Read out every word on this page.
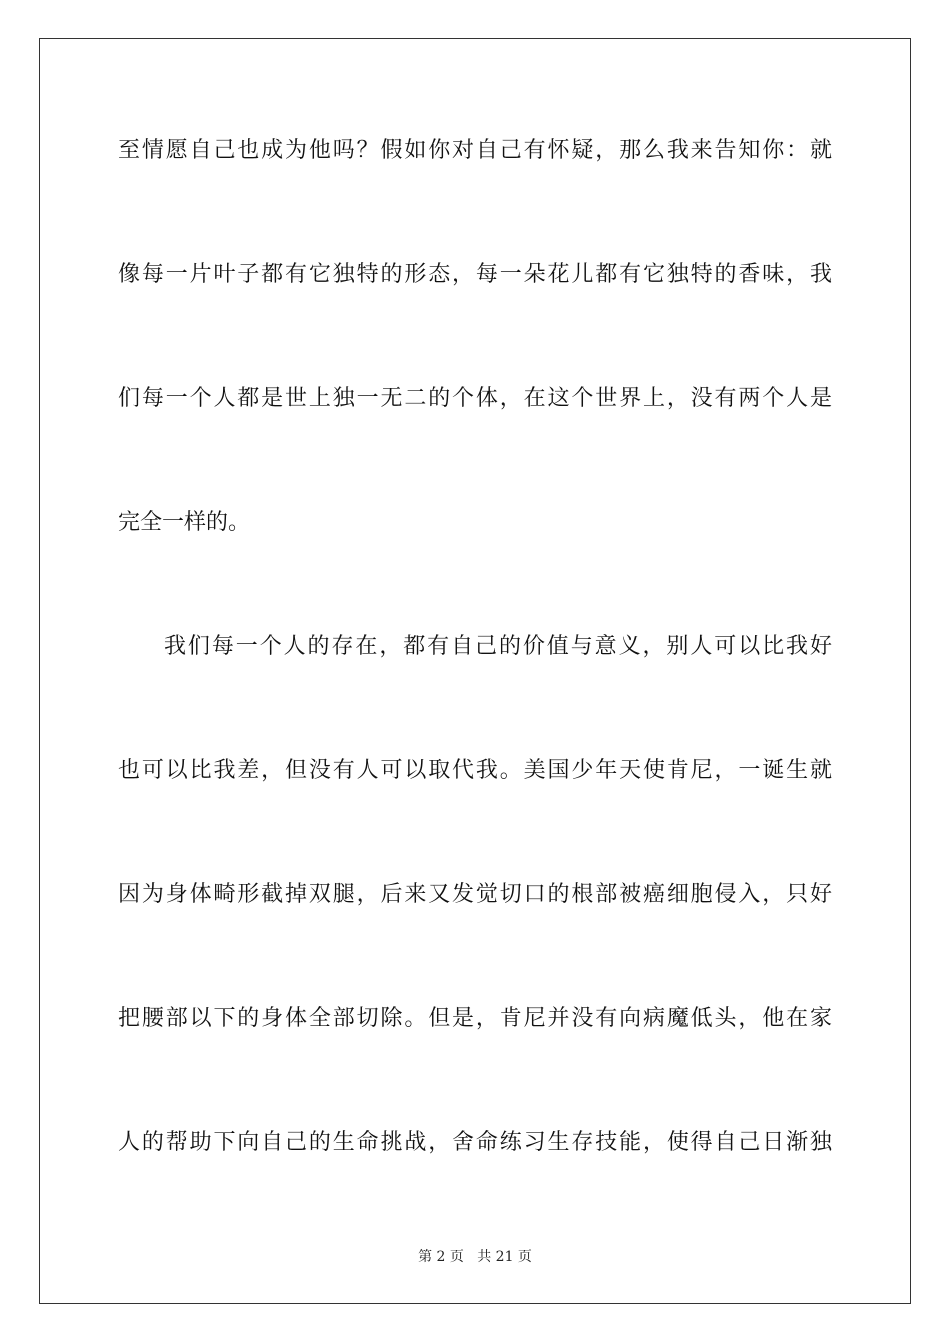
至情愿自己也成为他吗？假如你对自己有怀疑，那么我来告知你：就
像每一片叶子都有它独特的形态，每一朵花儿都有它独特的香味，我
们每一个人都是世上独一无二的个体，在这个世界上，没有两个人是
完全一样的。
我们每一个人的存在，都有自己的价值与意义，别人可以比我好
也可以比我差，但没有人可以取代我。美国少年天使肯尼，一诞生就
因为身体畸形截掉双腿，后来又发觉切口的根部被癌细胞侵入，只好
把腰部以下的身体全部切除。但是，肯尼并没有向病魔低头，他在家
人的帮助下向自己的生命挑战，舍命练习生存技能，使得自己日渐独
第 2 页   共 21 页
